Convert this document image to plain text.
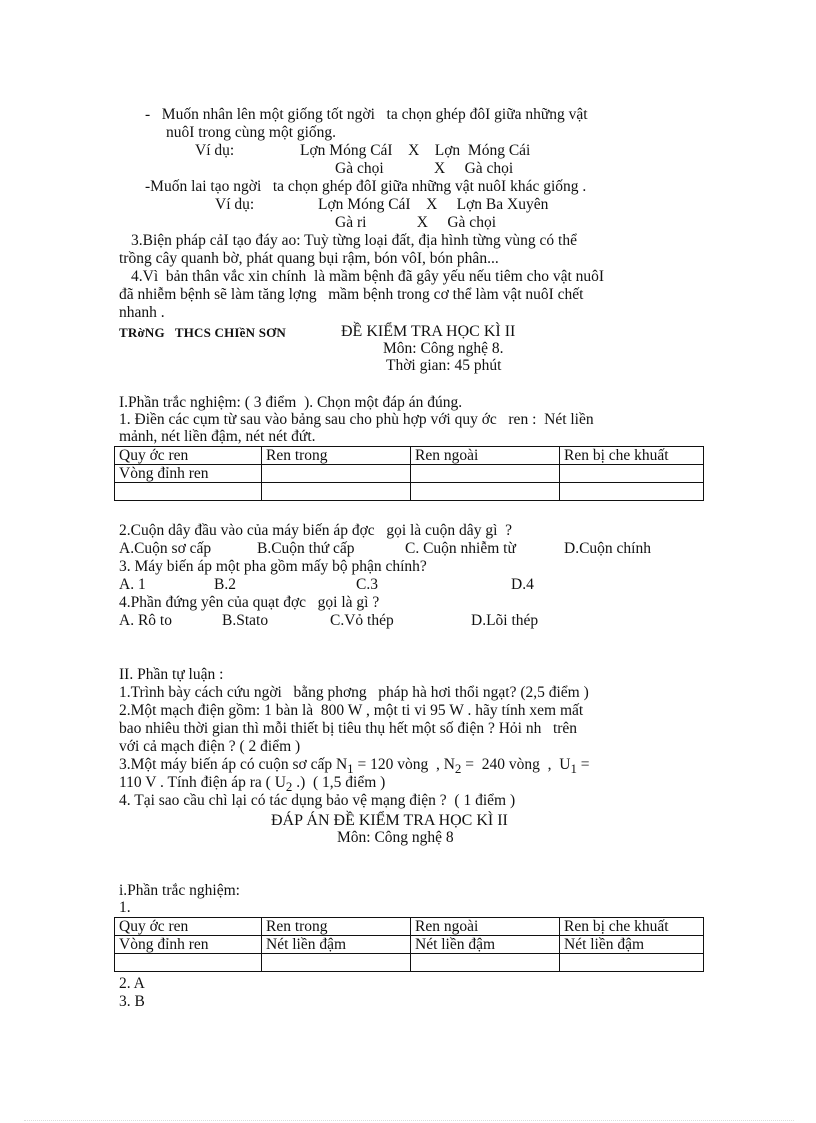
-   Muốn nhân lên một giống tốt ngời   ta chọn ghép đôI giữa những vật
nuôI trong cùng một giống.
Ví dụ:	Lợn Móng CáI    X    Lợn  Móng Cái
Gà chọi             X     Gà chọi
-Muốn lai tạo ngời   ta chọn ghép đôI giữa những vật nuôI khác giống .
Ví dụ:	Lợn Móng CáI    X     Lợn Ba Xuyên
Gà ri             X     Gà chọi
3.Biện pháp cảI tạo đáy ao: Tuỳ từng loại đất, địa hình từng vùng có thể
trồng cây quanh bờ, phát quang bụi rậm, bón vôI, bón phân...
4.Vì  bản thân vắc xin chính  là mầm bệnh đã gây yếu nếu tiêm cho vật nuôI
đã nhiễm bệnh sẽ làm tăng lợng   mầm bệnh trong cơ thể làm vật nuôI chết
nhanh .
TRờNG   THCS CHIềN SƠN	ĐỀ KIỂM TRA HỌC KÌ II
Môn: Công nghệ 8.
Thời gian: 45 phút
I.Phần trắc nghiệm: ( 3 điểm  ). Chọn một đáp án đúng.
1. Điền các cụm từ sau vào bảng sau cho phù hợp với quy ớc   ren :  Nét liền
mảnh, nét liền đậm, nét nét đứt.
Quy ớc ren	Ren trong	Ren ngoài	Ren bị che khuất
Vòng đỉnh ren			

2.Cuộn dây đầu vào của máy biến áp đợc   gọi là cuộn dây gì  ?
A.Cuộn sơ cấp	B.Cuộn thứ cấp	C. Cuộn nhiễm từ	D.Cuộn chính
3. Máy biến áp một pha gồm mấy bộ phận chính?
A. 1	B.2	C.3	D.4
4.Phần đứng yên của quạt đợc   gọi là gì ?
A. Rô to	B.Stato	C.Vỏ thép	D.Lõi thép
II. Phần tự luận :
1.Trình bày cách cứu ngời   bằng phơng   pháp hà hơi thổi ngạt? (2,5 điểm )
2.Một mạch điện gồm: 1 bàn là  800 W , một ti vi 95 W . hãy tính xem mất
bao nhiêu thời gian thì mỗi thiết bị tiêu thụ hết một số điện ? Hỏi nh   trên
với cả mạch điện ? ( 2 điểm )
3.Một máy biến áp có cuộn sơ cấp $N_1 = 120$ vòng  , $N_2 = 240$ vòng  ,  $U_1$ =
110 V . Tính điện áp ra ( $U_2$ .)  ( 1,5 điểm )
4. Tại sao cầu chì lại có tác dụng bảo vệ mạng điện ?  ( 1 điểm )
ĐÁP ÁN ĐỀ KIỂM TRA HỌC KÌ II
Môn: Công nghệ 8
i.Phần trắc nghiệm:
1.
Quy ớc ren	Ren trong	Ren ngoài	Ren bị che khuất
Vòng đỉnh ren	Nét liền đậm	Nét liền đậm	Nét liền đậm

2. A
3. B
